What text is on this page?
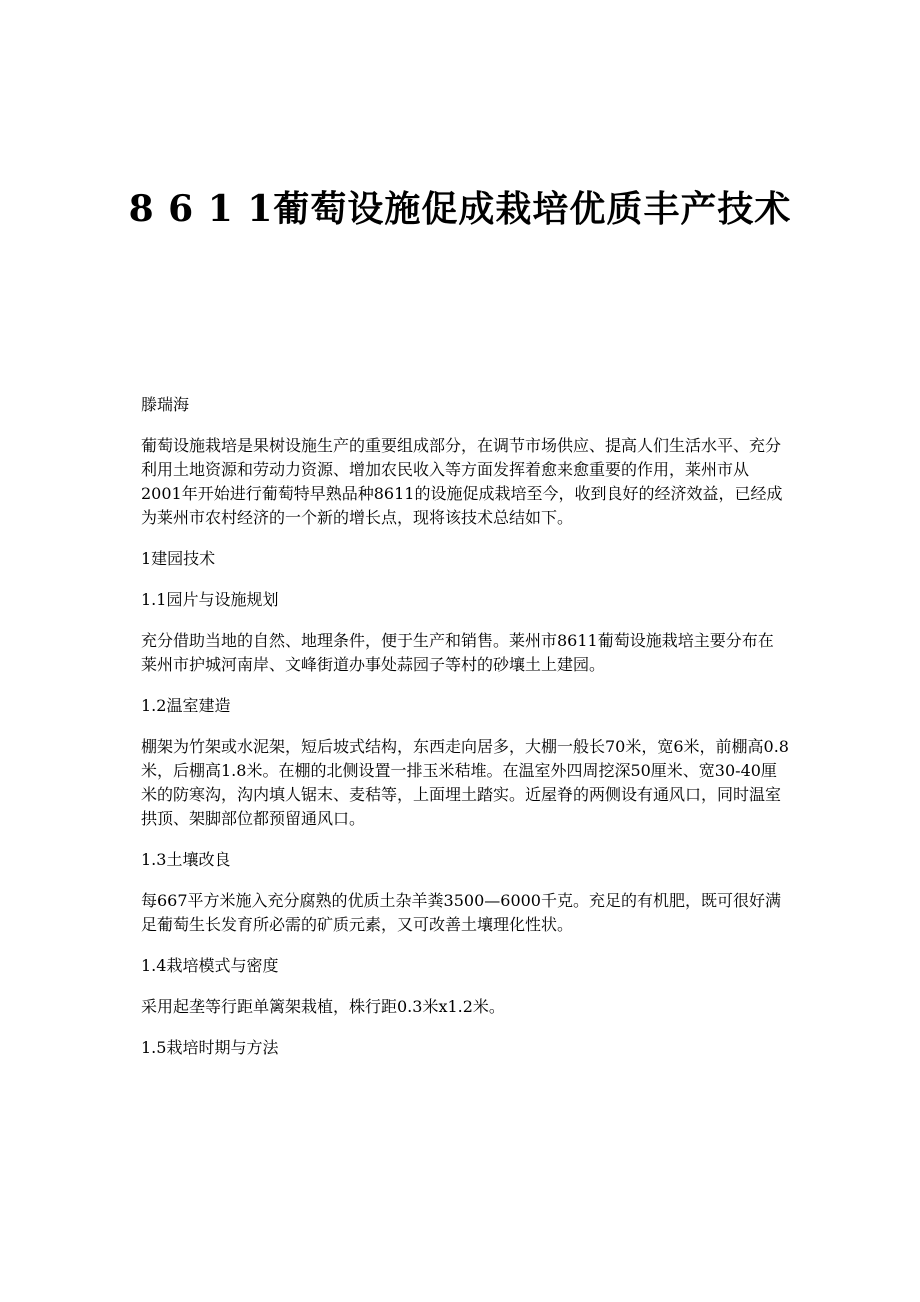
8 6 1 1葡萄设施促成栽培优质丰产技术

滕瑞海

葡萄设施栽培是果树设施生产的重要组成部分，在调节市场供应、提高人们生活水平、充分利用土地资源和劳动力资源、增加农民收入等方面发挥着愈来愈重要的作用，莱州市从2001年开始进行葡萄特早熟品种8611的设施促成栽培至今，收到良好的经济效益，已经成为莱州市农村经济的一个新的增长点，现将该技术总结如下。

1建园技术

1.1园片与设施规划

充分借助当地的自然、地理条件，便于生产和销售。莱州市8611葡萄设施栽培主要分布在莱州市护城河南岸、文峰街道办事处蒜园子等村的砂壤土上建园。

1.2温室建造

棚架为竹架或水泥架，短后坡式结构，东西走向居多，大棚一般长70米，宽6米，前棚高0.8米，后棚高1.8米。在棚的北侧设置一排玉米秸堆。在温室外四周挖深50厘米、宽30-40厘米的防寒沟，沟内填人锯末、麦秸等，上面埋土踏实。近屋脊的两侧设有通风口，同时温室拱顶、架脚部位都预留通风口。

1.3土壤改良

每667平方米施入充分腐熟的优质土杂羊粪3500—6000千克。充足的有机肥，既可很好满足葡萄生长发育所必需的矿质元素，又可改善土壤理化性状。

1.4栽培模式与密度

采用起垄等行距单篱架栽植，株行距0.3米x1.2米。

1.5栽培时期与方法
